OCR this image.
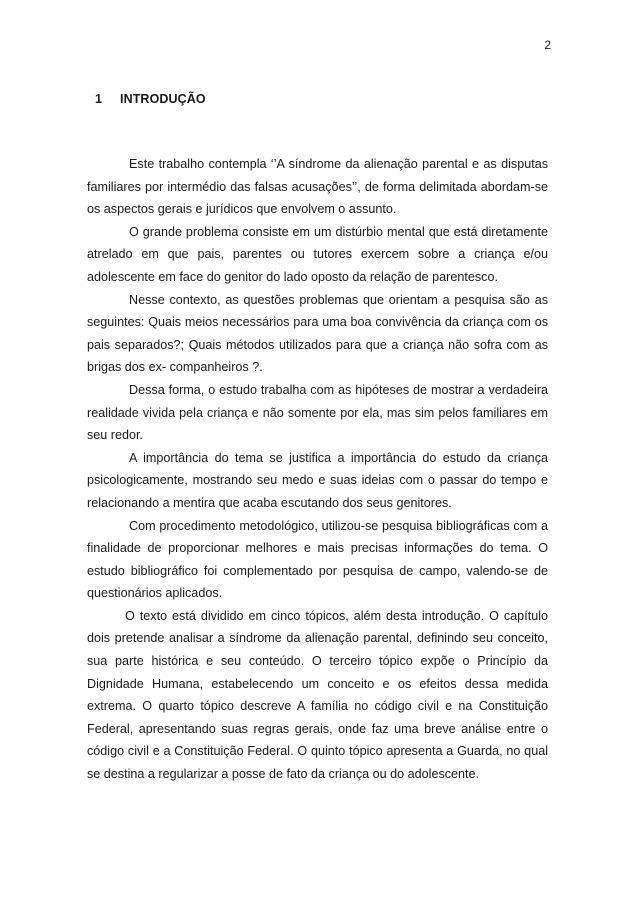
2
1 INTRODUÇÃO

Este trabalho contempla ‘’A síndrome da alienação parental e as disputas familiares por intermédio das falsas acusações’’, de forma delimitada abordam-se os aspectos gerais e jurídicos que envolvem o assunto.

O grande problema consiste em um distúrbio mental que está diretamente atrelado em que pais, parentes ou tutores exercem sobre a criança e/ou adolescente em face do genitor do lado oposto da relação de parentesco.

Nesse contexto, as questões problemas que orientam a pesquisa são as seguintes: Quais meios necessários para uma boa convivência da criança com os pais separados?; Quais métodos utilizados para que a criança não sofra com as brigas dos ex- companheiros ?.

Dessa forma, o estudo trabalha com as hipóteses de mostrar a verdadeira realidade vivida pela criança e não somente por ela, mas sim pelos familiares em seu redor.

A importância do tema se justifica a importância do estudo da criança psicologicamente, mostrando seu medo e suas ideias com o passar do tempo e relacionando a mentira que acaba escutando dos seus genitores.

Com procedimento metodológico, utilizou-se pesquisa bibliográficas com a finalidade de proporcionar melhores e mais precisas informações do tema. O estudo bibliográfico foi complementado por pesquisa de campo, valendo-se de questionários aplicados.

O texto está dividido em cinco tópicos, além desta introdução. O capítulo dois pretende analisar a síndrome da alienação parental, definindo seu conceito, sua parte histórica e seu conteúdo. O terceiro tópico expõe o Princípio da Dignidade Humana, estabelecendo um conceito e os efeitos dessa medida extrema. O quarto tópico descreve A família no código civil e na Constituição Federal, apresentando suas regras gerais, onde faz uma breve análise entre o código civil e a Constituição Federal. O quinto tópico apresenta a Guarda, no qual se destina a regularizar a posse de fato da criança ou do adolescente.
